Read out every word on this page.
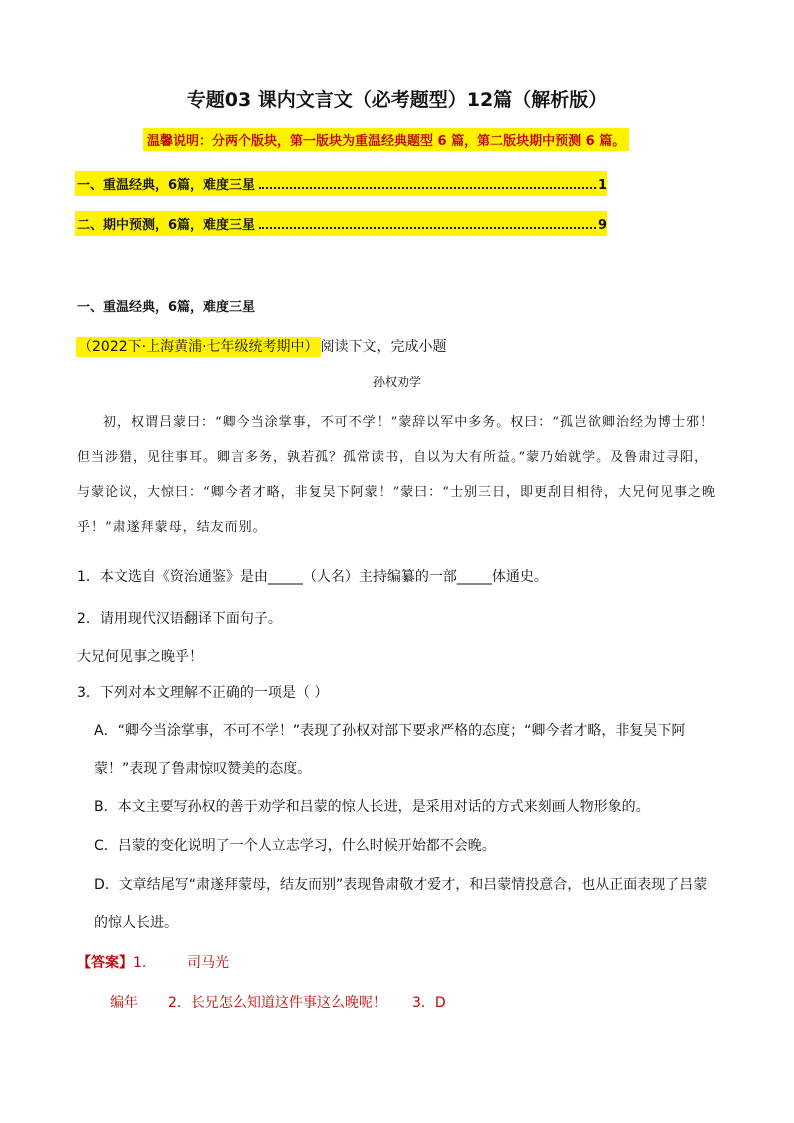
专题03 课内文言文（必考题型）12篇（解析版）
温馨说明：分两个版块，第一版块为重温经典题型 6 篇，第二版块期中预测 6 篇。
一、重温经典，6篇，难度三星	1
二、期中预测，6篇，难度三星	9
一、重温经典，6篇，难度三星
（2022下·上海黄浦·七年级统考期中） 阅读下文，完成小题
孙权劝学
初，权谓吕蒙曰：“卿今当涂掌事，不可不学！”蒙辞以军中多务。权曰：“孤岂欲卿治经为博士邪！但当涉猎，见往事耳。卿言多务，孰若孤？孤常读书，自以为大有所益。”蒙乃始就学。及鲁肃过寻阳，与蒙论议，大惊曰：“卿今者才略，非复吴下阿蒙！”蒙曰：“士别三日，即更刮目相待，大兄何见事之晚乎！”肃遂拜蒙母，结友而别。
1．本文选自《资治通鉴》是由_____（人名）主持编纂的一部_____体通史。
2．请用现代汉语翻译下面句子。
大兄何见事之晚乎！
3．下列对本文理解不正确的一项是（ ）
A．“卿今当涂掌事，不可不学！”表现了孙权对部下要求严格的态度；“卿今者才略，非复吴下阿蒙！”表现了鲁肃惊叹赞美的态度。
B．本文主要写孙权的善于劝学和吕蒙的惊人长进，是采用对话的方式来刻画人物形象的。
C．吕蒙的变化说明了一个人立志学习，什么时候开始都不会晚。
D．文章结尾写“肃遂拜蒙母，结友而别”表现鲁肃敬才爱才，和吕蒙情投意合，也从正面表现了吕蒙的惊人长进。
【答案】1.	司马光
编年 2．长兄怎么知道这件事这么晚呢！ 3．D
